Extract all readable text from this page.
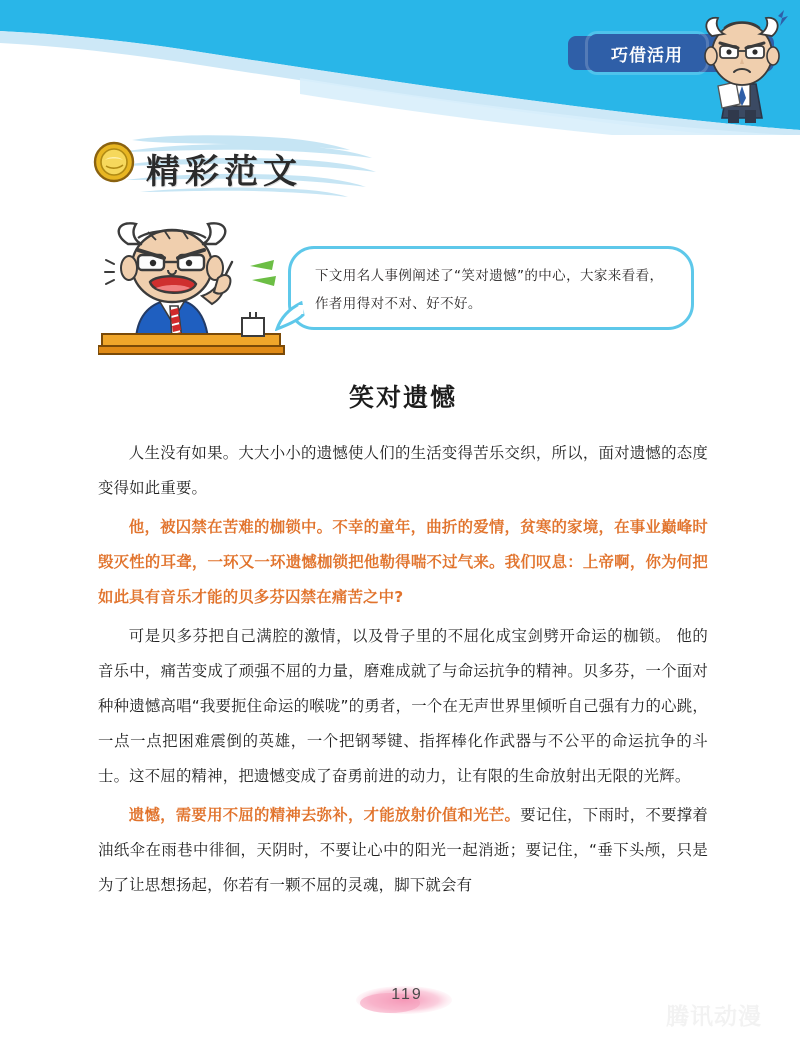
巧借活用
精彩范文
下文用名人事例阐述了“笑对遗憾”的中心，大家来看看，作者用得对不对、好不好。
笑对遗憾

人生没有如果。大大小小的遗憾使人们的生活变得苦乐交织，所以，面对遗憾的态度变得如此重要。

他，被囚禁在苦难的枷锁中。不幸的童年，曲折的爱情，贫寒的家境，在事业巅峰时毁灭性的耳聋，一环又一环遗憾枷锁把他勒得喘不过气来。我们叹息：上帝啊，你为何把如此具有音乐才能的贝多芬囚禁在痛苦之中?

可是贝多芬把自己满腔的激情，以及骨子里的不屈化成宝剑劈开命运的枷锁。 他的音乐中，痛苦变成了顽强不屈的力量，磨难成就了与命运抗争的精神。贝多芬，一个面对种种遗憾高唱“我要扼住命运的喉咙”的勇者，一个在无声世界里倾听自己强有力的心跳，一点一点把困难震倒的英雄，一个把钢琴键、指挥棒化作武器与不公平的命运抗争的斗士。这不屈的精神，把遗憾变成了奋勇前进的动力，让有限的生命放射出无限的光辉。

遗憾，需要用不屈的精神去弥补，才能放射价值和光芒。要记住，下雨时，不要撑着油纸伞在雨巷中徘徊，天阴时，不要让心中的阳光一起消逝；要记住，“垂下头颅，只是为了让思想扬起，你若有一颗不屈的灵魂，脚下就会有

119
腾讯动漫
